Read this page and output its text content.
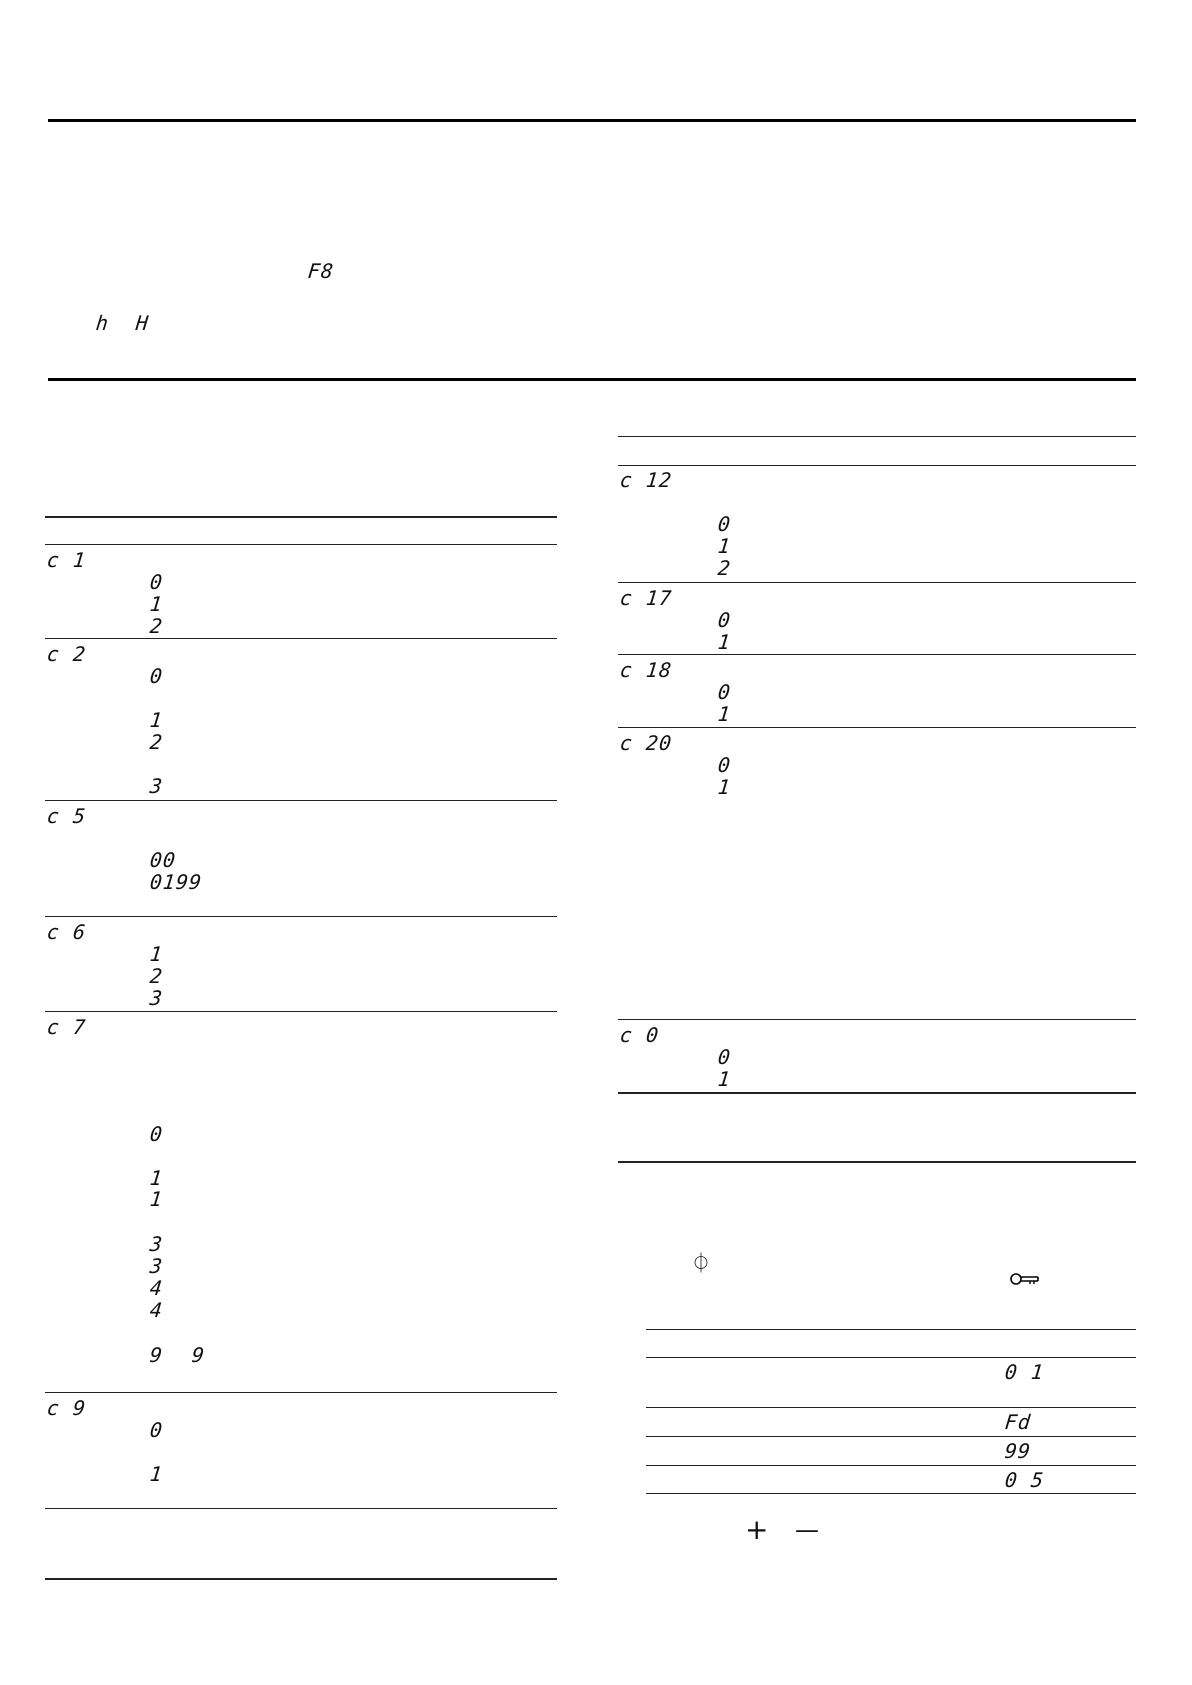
F8
h H
c 1
0
1
2
c 2
0
1
2
3
c 5
00
0199
c 6
1
2
3
c 7
0
1
1
3
3
4
4
9 9
c 9
0
1
c 12
0
1
2
c 17
0
1
c 18
0
1
c 20
0
1
c 0
0
1
⏀
0 1
Fd
99
0 5
+ —
